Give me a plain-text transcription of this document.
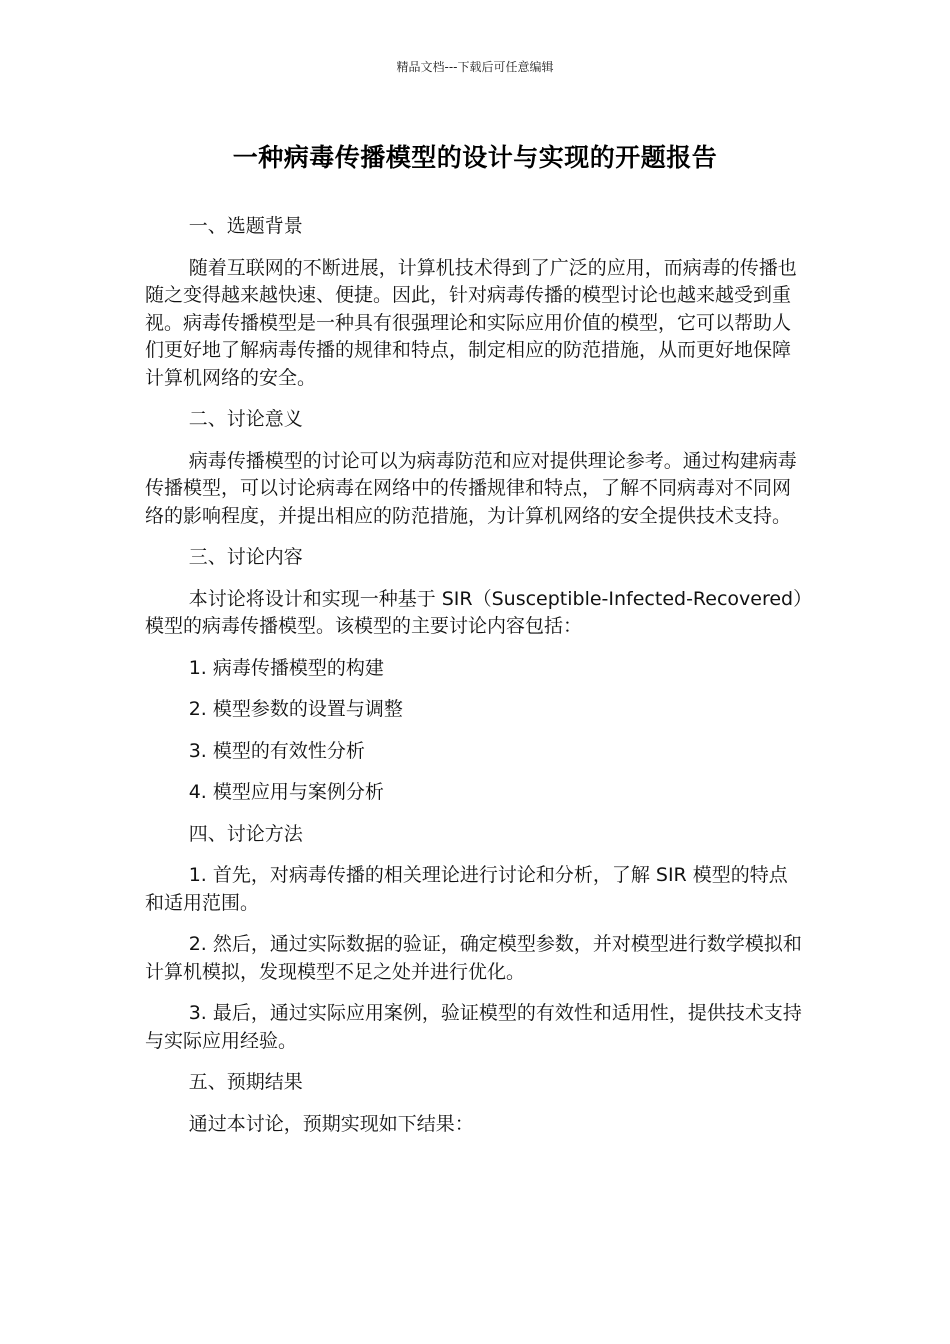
精品文档---下载后可任意编辑
一种病毒传播模型的设计与实现的开题报告

一、选题背景

随着互联网的不断进展，计算机技术得到了广泛的应用，而病毒的传播也随之变得越来越快速、便捷。因此，针对病毒传播的模型讨论也越来越受到重视。病毒传播模型是一种具有很强理论和实际应用价值的模型，它可以帮助人们更好地了解病毒传播的规律和特点，制定相应的防范措施，从而更好地保障计算机网络的安全。

二、讨论意义

病毒传播模型的讨论可以为病毒防范和应对提供理论参考。通过构建病毒传播模型，可以讨论病毒在网络中的传播规律和特点，了解不同病毒对不同网络的影响程度，并提出相应的防范措施，为计算机网络的安全提供技术支持。

三、讨论内容

本讨论将设计和实现一种基于 SIR（Susceptible-Infected-Recovered）模型的病毒传播模型。该模型的主要讨论内容包括：

1. 病毒传播模型的构建

2. 模型参数的设置与调整

3. 模型的有效性分析

4. 模型应用与案例分析

四、讨论方法

1. 首先，对病毒传播的相关理论进行讨论和分析，了解 SIR 模型的特点和适用范围。

2. 然后，通过实际数据的验证，确定模型参数，并对模型进行数学模拟和计算机模拟，发现模型不足之处并进行优化。

3. 最后，通过实际应用案例，验证模型的有效性和适用性，提供技术支持与实际应用经验。

五、预期结果

通过本讨论，预期实现如下结果：
